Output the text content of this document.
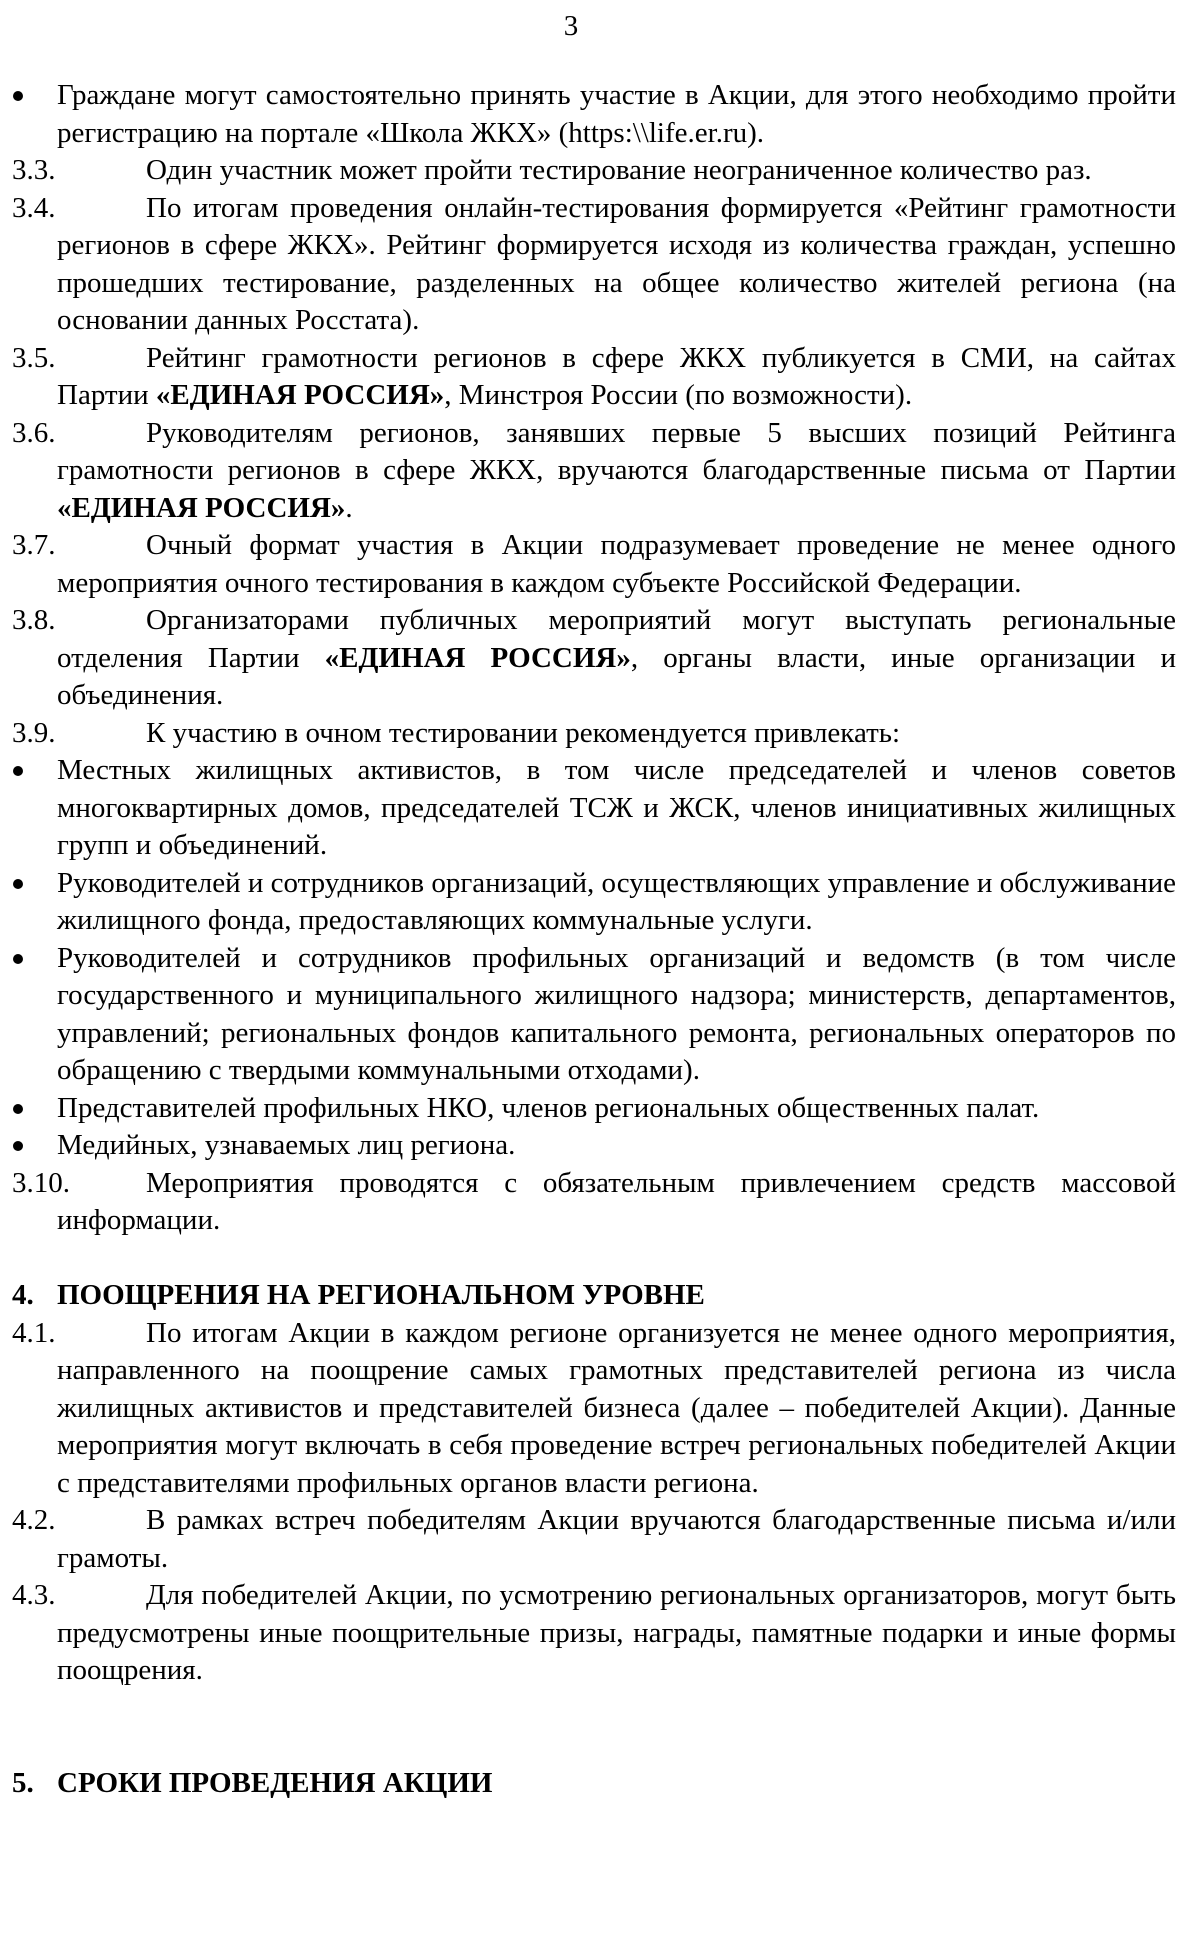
3
Граждане могут самостоятельно принять участие в Акции, для этого необходимо пройти регистрацию на портале «Школа ЖКХ» (https:\\life.er.ru).
3.3.	Один участник может пройти тестирование неограниченное количество раз.
3.4.	По итогам проведения онлайн-тестирования формируется «Рейтинг грамотности регионов в сфере ЖКХ». Рейтинг формируется исходя из количества граждан, успешно прошедших тестирование, разделенных на общее количество жителей региона (на основании данных Росстата).
3.5.	Рейтинг грамотности регионов в сфере ЖКХ публикуется в СМИ, на сайтах Партии «ЕДИНАЯ РОССИЯ», Минстроя России (по возможности).
3.6.	Руководителям регионов, занявших первые 5 высших позиций Рейтинга грамотности регионов в сфере ЖКХ, вручаются благодарственные письма от Партии «ЕДИНАЯ РОССИЯ».
3.7.	Очный формат участия в Акции подразумевает проведение не менее одного мероприятия очного тестирования в каждом субъекте Российской Федерации.
3.8.	Организаторами публичных мероприятий могут выступать региональные отделения Партии «ЕДИНАЯ РОССИЯ», органы власти, иные организации и объединения.
3.9.	К участию в очном тестировании рекомендуется привлекать:
Местных жилищных активистов, в том числе председателей и членов советов многоквартирных домов, председателей ТСЖ и ЖСК, членов инициативных жилищных групп и объединений.
Руководителей и сотрудников организаций, осуществляющих управление и обслуживание жилищного фонда, предоставляющих коммунальные услуги.
Руководителей и сотрудников профильных организаций и ведомств (в том числе государственного и муниципального жилищного надзора; министерств, департаментов, управлений; региональных фондов капитального ремонта, региональных операторов по обращению с твердыми коммунальными отходами).
Представителей профильных НКО, членов региональных общественных палат.
Медийных, узнаваемых лиц региона.
3.10.	Мероприятия проводятся с обязательным привлечением средств массовой информации.
4. ПООЩРЕНИЯ НА РЕГИОНАЛЬНОМ УРОВНЕ
4.1.	По итогам Акции в каждом регионе организуется не менее одного мероприятия, направленного на поощрение самых грамотных представителей региона из числа жилищных активистов и представителей бизнеса (далее – победителей Акции). Данные мероприятия могут включать в себя проведение встреч региональных победителей Акции с представителями профильных органов власти региона.
4.2.	В рамках встреч победителям Акции вручаются благодарственные письма и/или грамоты.
4.3.	Для победителей Акции, по усмотрению региональных организаторов, могут быть предусмотрены иные поощрительные призы, награды, памятные подарки и иные формы поощрения.
5. СРОКИ ПРОВЕДЕНИЯ АКЦИИ
